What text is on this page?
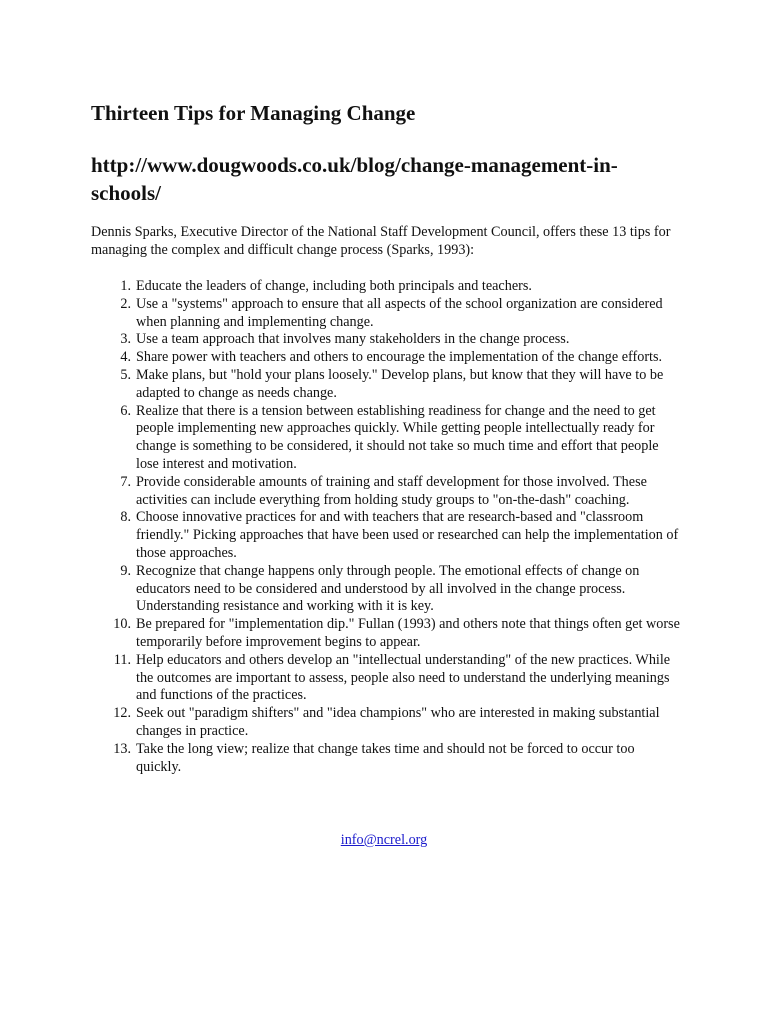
Thirteen Tips for Managing Change
http://www.dougwoods.co.uk/blog/change-management-in-schools/

Dennis Sparks, Executive Director of the National Staff Development Council, offers these 13 tips for managing the complex and difficult change process (Sparks, 1993):

1. Educate the leaders of change, including both principals and teachers.
2. Use a "systems" approach to ensure that all aspects of the school organization are considered when planning and implementing change.
3. Use a team approach that involves many stakeholders in the change process.
4. Share power with teachers and others to encourage the implementation of the change efforts.
5. Make plans, but "hold your plans loosely." Develop plans, but know that they will have to be adapted to change as needs change.
6. Realize that there is a tension between establishing readiness for change and the need to get people implementing new approaches quickly. While getting people intellectually ready for change is something to be considered, it should not take so much time and effort that people lose interest and motivation.
7. Provide considerable amounts of training and staff development for those involved. These activities can include everything from holding study groups to "on-the-dash" coaching.
8. Choose innovative practices for and with teachers that are research-based and "classroom friendly." Picking approaches that have been used or researched can help the implementation of those approaches.
9. Recognize that change happens only through people. The emotional effects of change on educators need to be considered and understood by all involved in the change process. Understanding resistance and working with it is key.
10. Be prepared for "implementation dip." Fullan (1993) and others note that things often get worse temporarily before improvement begins to appear.
11. Help educators and others develop an "intellectual understanding" of the new practices. While the outcomes are important to assess, people also need to understand the underlying meanings and functions of the practices.
12. Seek out "paradigm shifters" and "idea champions" who are interested in making substantial changes in practice.
13. Take the long view; realize that change takes time and should not be forced to occur too quickly.
info@ncrel.org
